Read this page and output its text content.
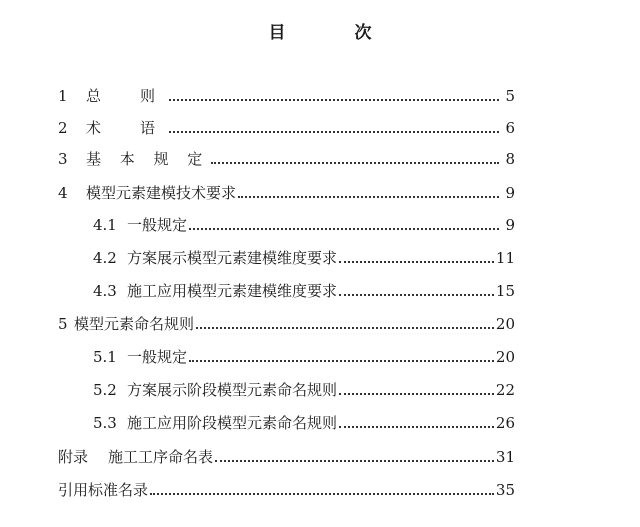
目　次
1	总　则	5
2	术　语	6
3	基 本 规 定	8
4	模型元素建模技术要求	9
4.1 一般规定	9
4.2 方案展示模型元素建模维度要求	11
4.3 施工应用模型元素建模维度要求	15
5 模型元素命名规则	20
5.1 一般规定	20
5.2 方案展示阶段模型元素命名规则	22
5.3 施工应用阶段模型元素命名规则	26
附录	施工工序命名表	31
引用标准名录	35
